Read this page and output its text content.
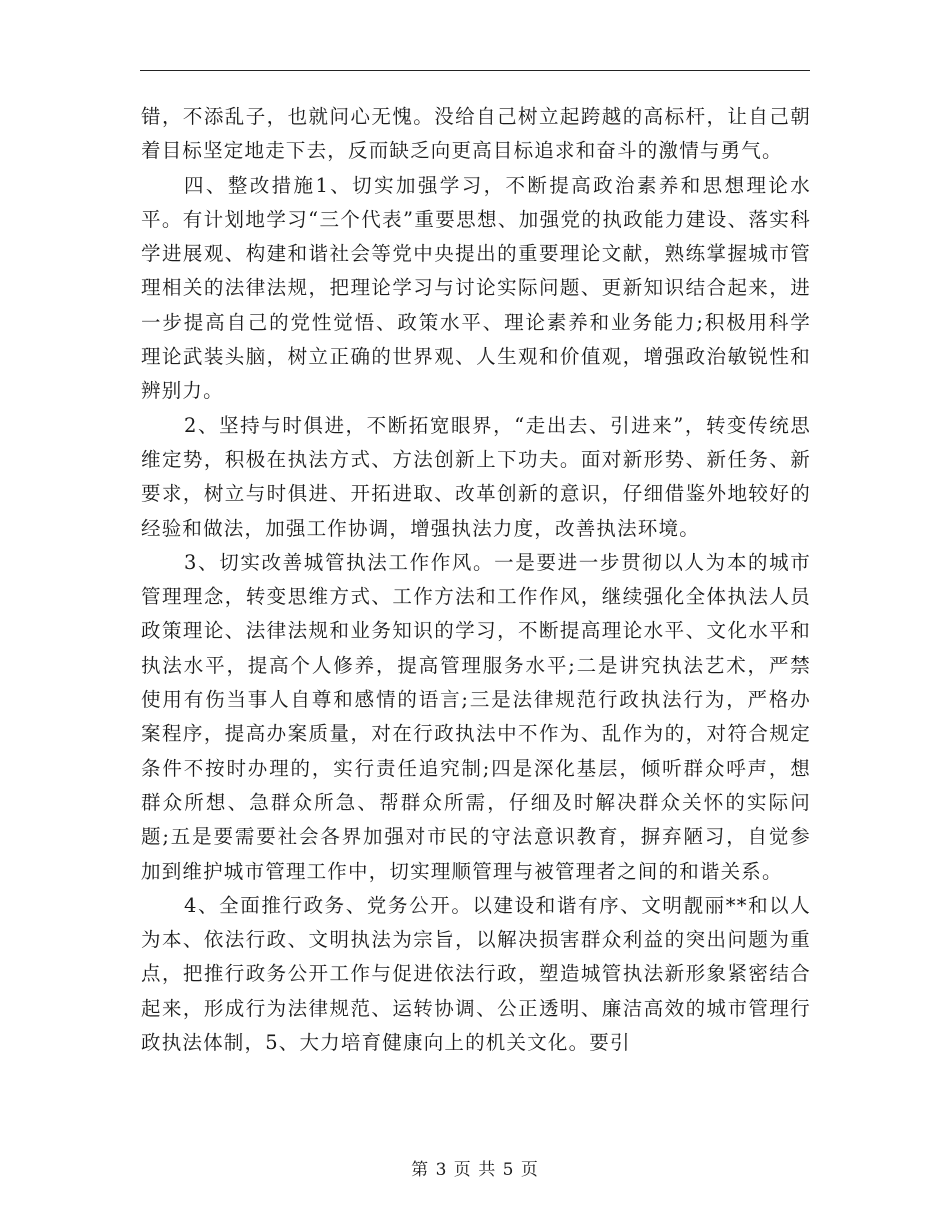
错，不添乱子，也就问心无愧。没给自己树立起跨越的高标杆，让自己朝着目标坚定地走下去，反而缺乏向更高目标追求和奋斗的激情与勇气。

四、整改措施1、切实加强学习，不断提高政治素养和思想理论水平。有计划地学习“三个代表”重要思想、加强党的执政能力建设、落实科学进展观、构建和谐社会等党中央提出的重要理论文献，熟练掌握城市管理相关的法律法规，把理论学习与讨论实际问题、更新知识结合起来，进一步提高自己的党性觉悟、政策水平、理论素养和业务能力;积极用科学理论武装头脑，树立正确的世界观、人生观和价值观，增强政治敏锐性和辨别力。

2、坚持与时俱进，不断拓宽眼界，“走出去、引进来”，转变传统思维定势，积极在执法方式、方法创新上下功夫。面对新形势、新任务、新要求，树立与时俱进、开拓进取、改革创新的意识，仔细借鉴外地较好的经验和做法，加强工作协调，增强执法力度，改善执法环境。

3、切实改善城管执法工作作风。一是要进一步贯彻以人为本的城市管理理念，转变思维方式、工作方法和工作作风，继续强化全体执法人员政策理论、法律法规和业务知识的学习，不断提高理论水平、文化水平和执法水平，提高个人修养，提高管理服务水平;二是讲究执法艺术，严禁使用有伤当事人自尊和感情的语言;三是法律规范行政执法行为，严格办案程序，提高办案质量，对在行政执法中不作为、乱作为的，对符合规定条件不按时办理的，实行责任追究制;四是深化基层，倾听群众呼声，想群众所想、急群众所急、帮群众所需，仔细及时解决群众关怀的实际问题;五是要需要社会各界加强对市民的守法意识教育，摒弃陋习，自觉参加到维护城市管理工作中，切实理顺管理与被管理者之间的和谐关系。

4、全面推行政务、党务公开。以建设和谐有序、文明靓丽**和以人为本、依法行政、文明执法为宗旨，以解决损害群众利益的突出问题为重点，把推行政务公开工作与促进依法行政，塑造城管执法新形象紧密结合起来，形成行为法律规范、运转协调、公正透明、廉洁高效的城市管理行政执法体制，5、大力培育健康向上的机关文化。要引

第 3 页 共 5 页
